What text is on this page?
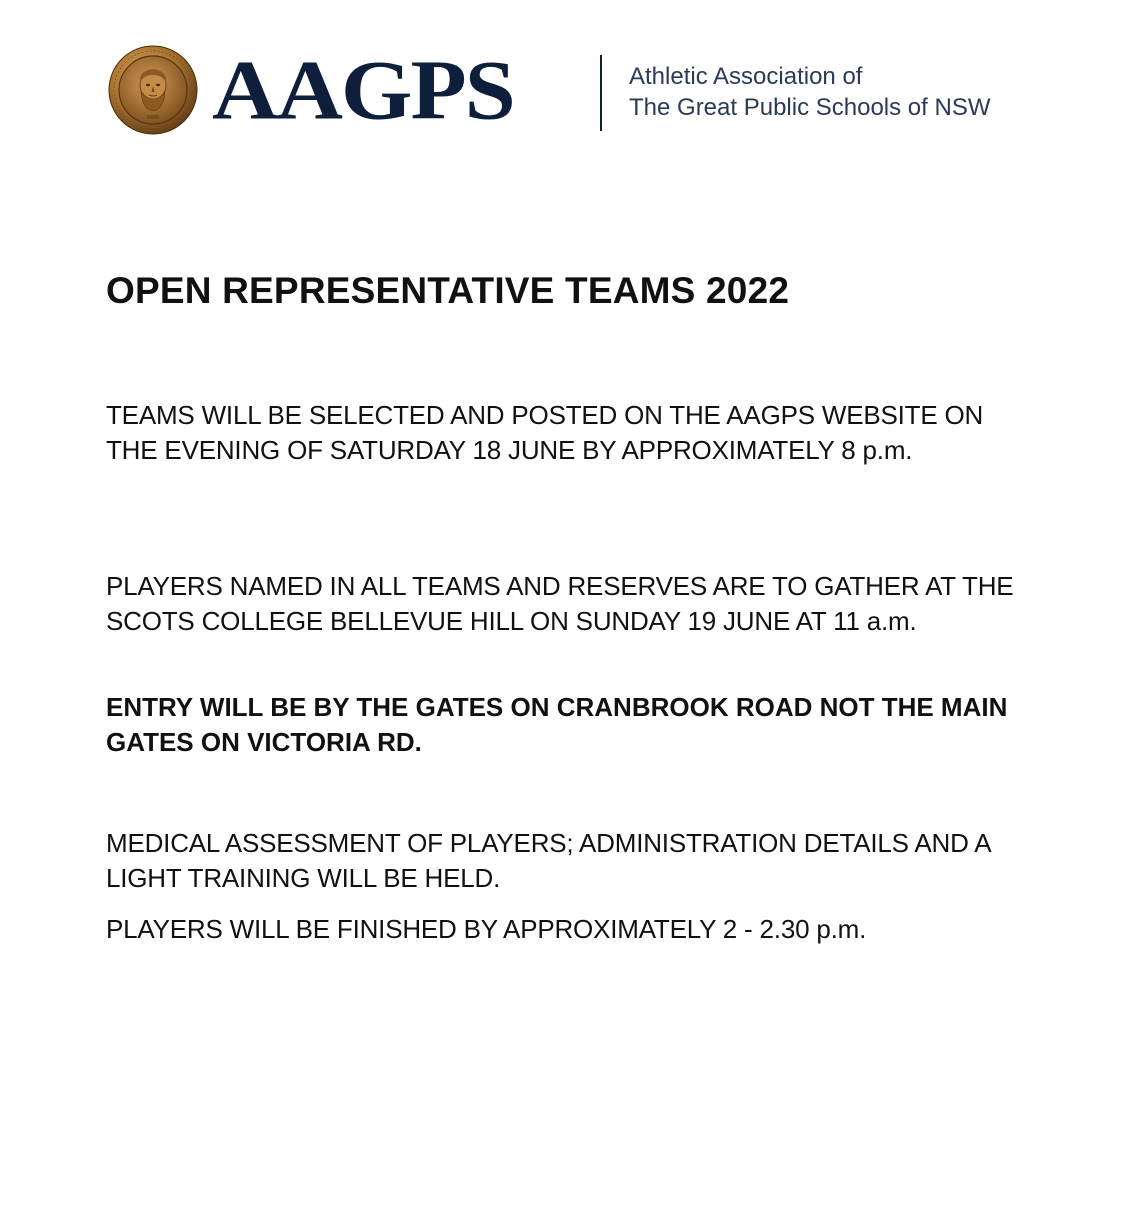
AAGPS	Athletic Association of
The Great Public Schools of NSW
OPEN REPRESENTATIVE TEAMS 2022

TEAMS WILL BE SELECTED AND POSTED ON THE AAGPS WEBSITE ON THE EVENING OF SATURDAY 18 JUNE BY APPROXIMATELY 8 p.m.

PLAYERS NAMED IN ALL TEAMS AND RESERVES ARE TO GATHER AT THE SCOTS COLLEGE BELLEVUE HILL ON SUNDAY 19 JUNE AT 11 a.m.

ENTRY WILL BE BY THE GATES ON CRANBROOK ROAD NOT THE MAIN GATES ON VICTORIA RD.

MEDICAL ASSESSMENT OF PLAYERS; ADMINISTRATION DETAILS AND A LIGHT TRAINING WILL BE HELD.

PLAYERS WILL BE FINISHED BY APPROXIMATELY 2 - 2.30 p.m.
